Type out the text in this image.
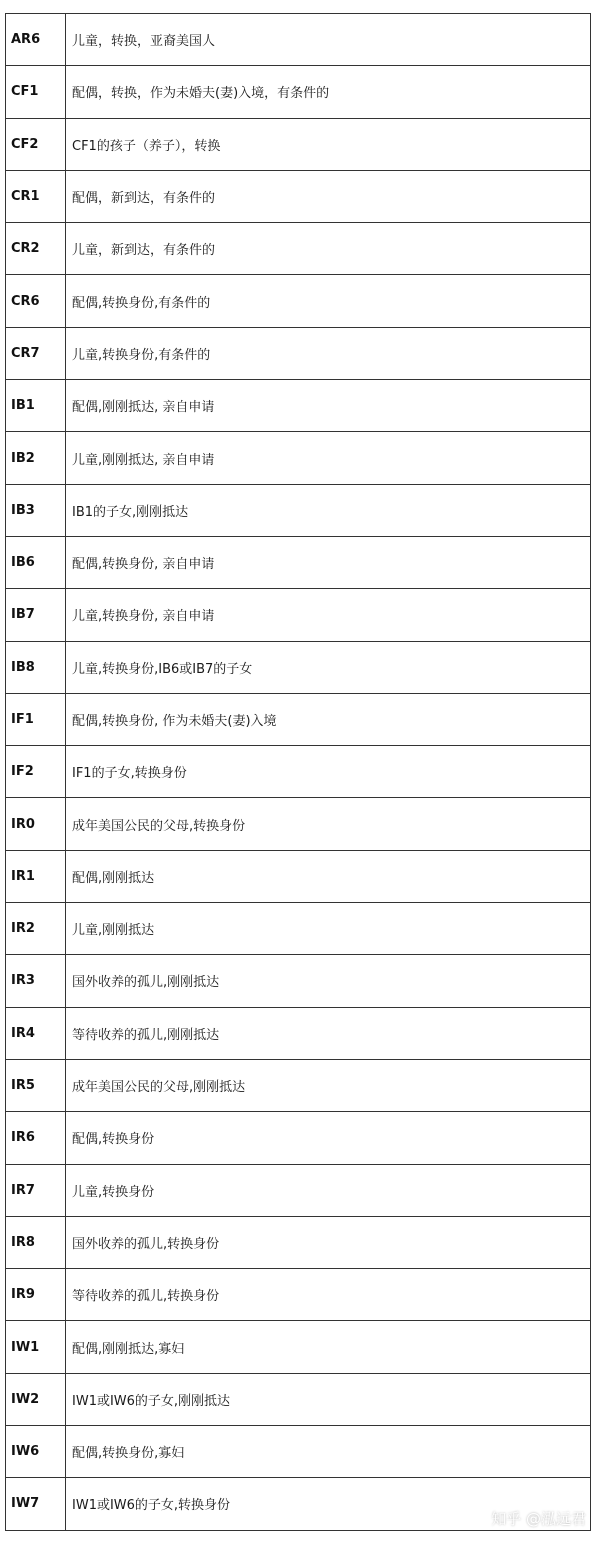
AR6	儿童，转换，亚裔美国人
CF1	配偶，转换，作为未婚夫(妻)入境，有条件的
CF2	CF1的孩子（养子），转换
CR1	配偶，新到达，有条件的
CR2	儿童，新到达，有条件的
CR6	配偶,转换身份,有条件的
CR7	儿童,转换身份,有条件的
IB1	配偶,刚刚抵达, 亲自申请
IB2	儿童,刚刚抵达, 亲自申请
IB3	IB1的子女,刚刚抵达
IB6	配偶,转换身份, 亲自申请
IB7	儿童,转换身份, 亲自申请
IB8	儿童,转换身份,IB6或IB7的子女
IF1	配偶,转换身份, 作为未婚夫(妻)入境
IF2	IF1的子女,转换身份
IR0	成年美国公民的父母,转换身份
IR1	配偶,刚刚抵达
IR2	儿童,刚刚抵达
IR3	国外收养的孤儿,刚刚抵达
IR4	等待收养的孤儿,刚刚抵达
IR5	成年美国公民的父母,刚刚抵达
IR6	配偶,转换身份
IR7	儿童,转换身份
IR8	国外收养的孤儿,转换身份
IR9	等待收养的孤儿,转换身份
IW1	配偶,刚刚抵达,寡妇
IW2	IW1或IW6的子女,刚刚抵达
IW6	配偶,转换身份,寡妇
IW7	IW1或IW6的子女,转换身份
知乎 @泓远君
